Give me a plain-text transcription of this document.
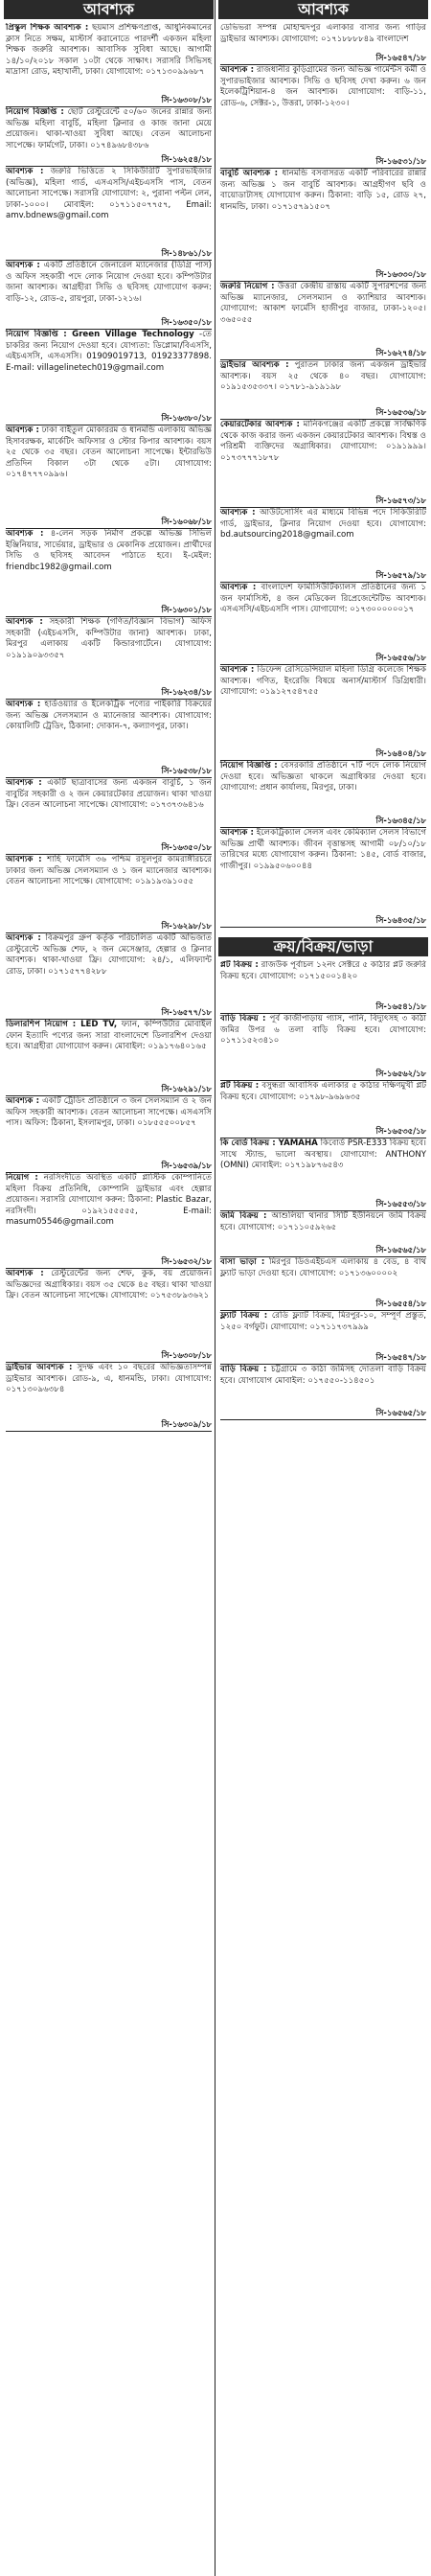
আবশ্যক
প্রিস্কুল শিক্ষক আবশ্যক : ছয়মাস প্রশিক্ষণপ্রাপ্ত, আধুনিকমানের ক্লাস নিতে সক্ষম, মাস্টার্স করানোতে পারদর্শী একজন মহিলা শিক্ষক জরুরি আবশ্যক। আবাসিক সুবিধা আছে। আগামী ১৪/১০/২০১৮ সকাল ১০টা থেকে সাক্ষাৎ। সরাসরি সিভিসহ মাদ্রাসা রোড, মহাখালী, ঢাকা। যোগাযোগ: ০১৭১৩০৯৯৬৮৭
সি-১৬৩০৮/১৮
নিয়োগ বিজ্ঞপ্তি : ছোট রেস্টুরেন্টে ৫০/৬০ জনের রান্নার জন্য অভিজ্ঞ মহিলা বাবুর্চি, মহিলা ক্লিনার ও কাজ জানা মেয়ে প্রয়োজন। থাকা-খাওয়া সুবিধা আছে। বেতন আলোচনা সাপেক্ষে। ফার্মগেট, ঢাকা। ০১৭৪৯৬৮৪৩৮৬
সি-১৬২৫৪/১৮
আবশ্যক : জরুরি ভিত্তিতে ২ সিকিউরিটি সুপারভাইজার (অভিজ্ঞ), মহিলা গার্ড, এসএসসি/এইচএসসি পাস, বেতন আলোচনা সাপেক্ষে। সরাসরি যোগাযোগ: ২, পুরানা পল্টন লেন, ঢাকা-১০০০। মোবাইল: ০১৭১১৫০৭৭৫৭, Email: amv.bdnews@gmail.com
সি-১৪৮৬১/১৮
আবশ্যক : একটি প্রতিষ্ঠানে জেনারেল ম্যানেজার (ডিগ্রি পাস) ও অফিস সহকারী পদে লোক নিয়োগ দেওয়া হবে। কম্পিউটার জানা আবশ্যক। আগ্রহীরা সিভি ও ছবিসহ যোগাযোগ করুন: বাড়ি-১২, রোড-৫, রায়পুরা, ঢাকা-১২১৬।
সি-১৬৩৫০/১৮
নিয়োগ বিজ্ঞপ্তি : Green Village Technology -তে চাকরির জন্য নিয়োগ দেওয়া হবে। যোগ্যতা: ডিপ্লোমা/বিএসসি, এইচএসসি, এসএসসি। 01909019713, 01923377898. E-mail: villagelinetech019@gmail.com
সি-১৬৩৮০/১৮
আবশ্যক : ঢাকা বাইতুল মোকাররম ও ধানমন্ডি এলাকায় অভিজ্ঞ হিসাবরক্ষক, মার্কেটিং অফিসার ও স্টোর কিপার আবশ্যক। বয়স ২৫ থেকে ৩৫ বছর। বেতন আলোচনা সাপেক্ষে। ইন্টারভিউ প্রতিদিন বিকাল ৩টা থেকে ৫টা। যোগাযোগ: ০১৭৪৭৭৭০৯৯৬।
সি-১৬০৬৮/১৮
আবশ্যক : ৪-লেন সড়ক নির্মাণ প্রকল্পে অভিজ্ঞ সিভিল ইঞ্জিনিয়ার, সার্ভেয়ার, ড্রাইভার ও মেকানিক প্রয়োজন। প্রার্থীদের সিভি ও ছবিসহ আবেদন পাঠাতে হবে। ই-মেইল: friendbc1982@gmail.com
সি-১৬৩০১/১৮
আবশ্যক : সহকারী শিক্ষক (গণিত/বিজ্ঞান বিভাগ) অফিস সহকারী (এইচএসসি, কম্পিউটার জানা) আবশ্যক। ঢাকা, মিরপুর এলাকায় একটি কিন্ডারগার্টেনে। যোগাযোগ: ০১৯১৯০৯৩৩৫৭
সি-১৬২৩৪/১৮
আবশ্যক : হার্ডওয়্যার ও ইলেকট্রিক পণ্যের পাইকারি বিক্রয়ের জন্য অভিজ্ঞ সেলসম্যান ও ম্যানেজার আবশ্যক। যোগাযোগ: কোয়ালিটি ট্রেডিং, ঠিকানা: দোকান-৭, কল্যাণপুর, ঢাকা।
সি-১৬৫৩৮/১৮
আবশ্যক : একটি ছাত্রাবাসের জন্য একজন বাবুর্চি, ১ জন বাবুর্চির সহকারী ও ২ জন কেয়ারটেকার প্রয়োজন। থাকা খাওয়া ফ্রি। বেতন আলোচনা সাপেক্ষে। যোগাযোগ: ০১৭৩৭৩৬৪১৬
সি-১৬৩৫০/১৮
আবশ্যক : শাহি ফার্মেসি ৩৬ পশ্চিম রসুলপুর কামরাঙ্গীরচরে ঢাকার জন্য অভিজ্ঞ সেলসম্যান ও ১ জন ম্যানেজার আবশ্যক। বেতন আলোচনা সাপেক্ষে। যোগাযোগ: ০১৯১৯৩৯১০৫৫
সি-১৬২৯৮/১৮
আবশ্যক : বিক্রমপুর গ্রুপ কর্তৃক পরিচালিত একটি অভিজাত রেস্টুরেন্টে অভিজ্ঞ শেফ, ২ জন মেসেঞ্জার, হেল্পার ও ক্লিনার আবশ্যক। থাকা-খাওয়া ফ্রি। যোগাযোগ: ২৪/১, এলিফ্যান্ট রোড, ঢাকা। ০১৭১৫৭৭৪২৮৮
সি-১৬৫৭৭/১৮
ডিলারশিপ নিয়োগ : LED TV, ফ্যান, কম্পিউটার মোবাইল ফোন ইত্যাদি পণ্যের জন্য সারা বাংলাদেশে ডিলারশিপ দেওয়া হবে। আগ্রহীরা যোগাযোগ করুন। মোবাইল: ০১৯১৭৬৪০১৬৫
সি-১৬২৯১/১৮
আবশ্যক : একটি ট্রেডিং প্রতিষ্ঠানে ৩ জন সেলসম্যান ও ২ জন অফিস সহকারী আবশ্যক। বেতন আলোচনা সাপেক্ষে। এসএসসি পাস। অফিস: ঠিকানা, ইসলামপুর, ঢাকা। ০১৮৫৫৫০০৮৫৭
সি-১৬৫৩৯/১৮
নিয়োগ : নরসিংদীতে অবস্থিত একটি প্লাস্টিক কোম্পানিতে মহিলা বিক্রয় প্রতিনিধি, কোম্পানি ড্রাইভার এবং হেল্পার প্রয়োজন। সরাসরি যোগাযোগ করুন: ঠিকানা: Plastic Bazar, নরসিংদী। ০১৯২১৫৫৫৫৫, E-mail: masum05546@gmail.com
সি-১৬৫৩২/১৮
আবশ্যক : রেস্টুরেন্টের জন্য শেফ, কুক, বয় প্রয়োজন। অভিজ্ঞদের অগ্রাধিকার। বয়স ৩৫ থেকে ৪৫ বছর। থাকা খাওয়া ফ্রি। বেতন আলোচনা সাপেক্ষে। যোগাযোগ: ০১৭৫৩৮৯৩৬২১
সি-১৬৩০৮/১৮
ড্রাইভার আবশ্যক : সুদক্ষ এবং ১০ বছরের অভিজ্ঞতাসম্পন্ন ড্রাইভার আবশ্যক। রোড-৯, এ, ধানমন্ডি, ঢাকা। যোগাযোগ: ০১৭১৩০৯৬৩৮৪
সি-১৬৩০৯/১৮
আবশ্যক
ডেভিভরা সম্পন্ন মোহাম্মদপুর এলাকার বাসার জন্য গাড়ির ড্রাইভার আবশ্যক। যোগাযোগ: ০১৭১৮৮৮৮৪৯ বাংলাদেশ
সি-১৬৫৪৭/১৮
আবশ্যক : রাজধানীর কুড়িগ্রামের জন্য অভিজ্ঞ গার্মেন্টস কর্মী ও সুপারভাইজার আবশ্যক। সিভি ও ছবিসহ দেখা করুন। ৬ জন ইলেকট্রিশিয়ান-৪ জন আবশ্যক। যোগাযোগ: বাড়ি-১১, রোড-৬, সেক্টর-১, উত্তরা, ঢাকা-১২৩০।
সি-১৬৫৩১/১৮
বাবুর্চি আবশ্যক : ধানমন্ডি বসবাসরত একটি পরিবারের রান্নার জন্য অভিজ্ঞ ১ জন বাবুর্চি আবশ্যক। আগ্রহীগণ ছবি ও বায়োডাটাসহ যোগাযোগ করুন। ঠিকানা: বাড়ি ১৫, রোড ২৭, ধানমন্ডি, ঢাকা। ০১৭১৫৭৯১৫০৭
সি-১৬৩৩০/১৮
জরুরি নিয়োগ : উত্তরা কেন্দ্রীয় রাস্তায় একটি সুপারশপের জন্য অভিজ্ঞ ম্যানেজার, সেলসম্যান ও ক্যাশিয়ার আবশ্যক। যোগাযোগ: আকাশ ফার্মেসি হাজীপুর বাজার, ঢাকা-১২০৫। ৩৬৫০৫৫
সি-১৬২৭৪/১৮
ড্রাইভার আবশ্যক : পুরাতন ঢাকার জন্য একজন ড্রাইভার আবশ্যক। বয়স ২৫ থেকে ৪০ বছর। যোগাযোগ: ০১৯১৫৩৫৩৩৭। ০১৭৮১-৯১৯১৯৮
সি-১৬৫৩৬/১৮
কেয়ারটেকার আবশ্যক : মানিকগঞ্জের একটি প্রকল্পে সার্বক্ষণিক থেকে কাজ করার জন্য একজন কেয়ারটেকার আবশ্যক। বিশ্বস্ত ও পরিশ্রমী ব্যক্তিদের অগ্রাধিকার। যোগাযোগ: ০১৯১৯৯৯। ০১৭৩৭৭৭১৮৭৮
সি-১৬৫৭৩/১৮
আবশ্যক : আউটসোর্সিং এর মাধ্যমে বিভিন্ন পদে সিকিউরিটি গার্ড, ড্রাইভার, ক্লিনার নিয়োগ দেওয়া হবে। যোগাযোগ: bd.autsourcing2018@gmail.com
সি-১৬৫৭৯/১৮
আবশ্যক : বাংলাদেশ ফার্মাসিউটিক্যালস প্রতিষ্ঠানের জন্য ১ জন ফার্মাসিস্ট, ৪ জন মেডিকেল রিপ্রেজেন্টেটিভ আবশ্যক। এসএসসি/এইচএসসি পাস। যোগাযোগ: ০১৭৩০০০০০০১৭
সি-১৬৫৫৬/১৮
আবশ্যক : ডিফেন্স রেসিডেন্সিয়াল মহিলা ডিগ্রি কলেজে শিক্ষক আবশ্যক। গণিত, ইংরেজি বিষয়ে অনার্স/মাস্টার্স ডিগ্রিধারী। যোগাযোগ: ০১৯১২৭৫৪৭৫৫
সি-১৬৪০৪/১৮
নিয়োগ বিজ্ঞপ্তি : বেসরকারি প্রতিষ্ঠানে ৭টি পদে লোক নিয়োগ দেওয়া হবে। অভিজ্ঞতা থাকলে অগ্রাধিকার দেওয়া হবে। যোগাযোগ: প্রধান কার্যালয়, মিরপুর, ঢাকা।
সি-১৬৩৪৫/১৮
আবশ্যক : ইলেকট্রিক্যাল সেলস এবং কেমিক্যাল সেলস বিভাগে অভিজ্ঞ প্রার্থী আবশ্যক। জীবন বৃত্তান্তসহ আগামী ০৮/১০/১৮ তারিখের মধ্যে যোগাযোগ করুন। ঠিকানা: ১৪৫, বোর্ড বাজার, গাজীপুর। ০১৯৯৫০৬০০৪৪
সি-১৬৪৩৫/১৮
ক্রয়/বিক্রয়/ভাড়া
প্লট বিক্রয় : রাজউক পূর্বাচল ১২নং সেক্টরে ৫ কাঠার প্লট জরুরি বিক্রয় হবে। যোগাযোগ: ০১৭১৫০০১৪২০
সি-১৬৫৪১/১৮
বাড়ি বিক্রয় : পূর্ব কাজীপাড়ায় গ্যাস, পানি, বিদ্যুৎসহ ৩ কাঠা জমির উপর ৬ তলা বাড়ি বিক্রয় হবে। যোগাযোগ: ০১৭১১৫২৩৪১০
সি-১৬৫৬২/১৮
প্লট বিক্রয় : বসুন্ধরা আবাসিক এলাকার ৫ কাঠার দক্ষিণমুখী প্লট বিক্রয় হবে। যোগাযোগ: ০১৭৯৮-৯৬৯৬৩৫
সি-১৬৫৩৫/১৮
কি বোর্ড বিক্রয় : YAMAHA কিবোর্ড PSR-E333 বিক্রয় হবে। সাথে স্ট্যান্ড, ভালো অবস্থায়। যোগাযোগ: ANTHONY (OMNI) মোবাইল: ০১৭১৯৮৭৬৫৪৩
সি-১৬৫৫৩/১৮
জমি বিক্রয় : আশুলিয়া থানার সিটি ইউনিয়নে জমি বিক্রয় হবে। যোগাযোগ: ০১৭১১০৫৯২৬৫
সি-১৬৫৬৫/১৮
বাসা ভাড়া : মিরপুর ডিওএইচএস এলাকায় ৪ বেড, ৪ বাথ ফ্ল্যাট ভাড়া দেওয়া হবে। যোগাযোগ: ০১৭১৩৬০০০০২
সি-১৬৫৫৪/১৮
ফ্ল্যাট বিক্রয় : রেডি ফ্ল্যাট বিক্রয়, মিরপুর-১০, সম্পূর্ণ প্রস্তুত, ১২৫০ বর্গফুট। যোগাযোগ: ০১৭১১৭৩৭৯৯৯
সি-১৬৫৪৭/১৮
বাড়ি বিক্রয় : চট্টগ্রামে ৩ কাঠা জমিসহ দোতলা বাড়ি বিক্রয় হবে। যোগাযোগ মোবাইল: ০১৭৫৫০-১১৪৫০১
সি-১৬৫৬৫/১৮
